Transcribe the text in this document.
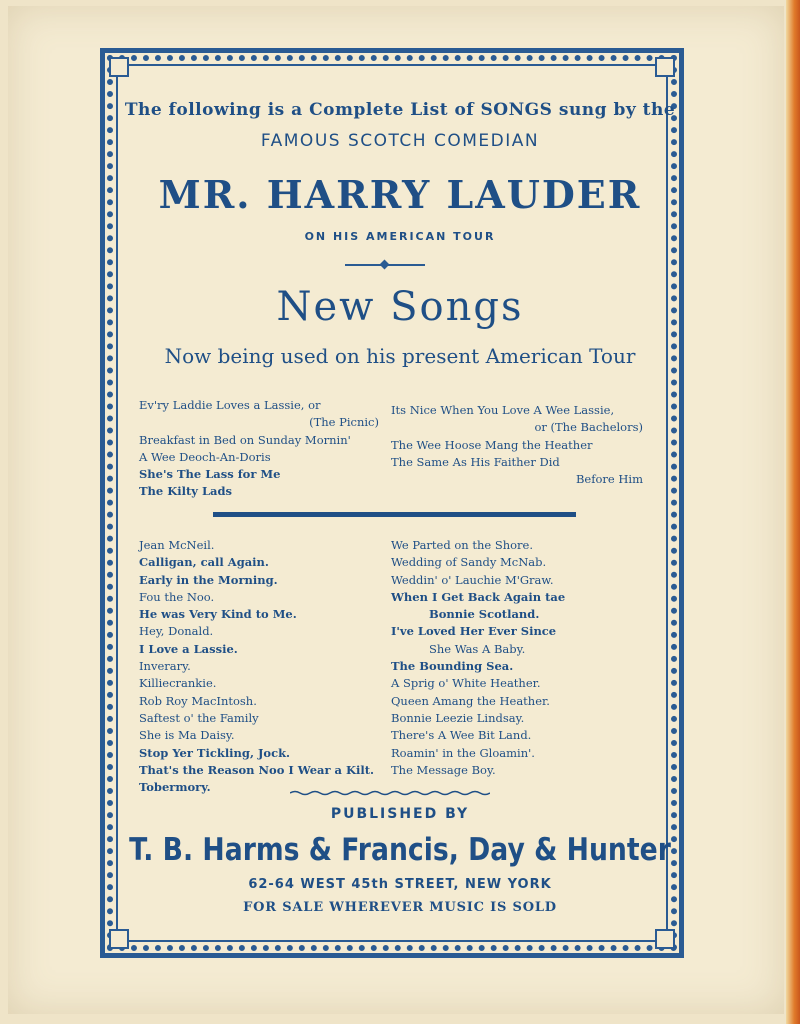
The following is a Complete List of SONGS sung by the
FAMOUS SCOTCH COMEDIAN
MR. HARRY LAUDER
ON HIS AMERICAN TOUR
New Songs
Now being used on his present American Tour
Ev'ry Laddie Loves a Lassie, or
(The Picnic)
Breakfast in Bed on Sunday Mornin'
A Wee Deoch-An-Doris
She's The Lass for Me
The Kilty Lads
Its Nice When You Love A Wee Lassie,
or (The Bachelors)
The Wee Hoose Mang the Heather
The Same As His Faither Did
Before Him
Jean McNeil.
Calligan, call Again.
Early in the Morning.
Fou the Noo.
He was Very Kind to Me.
Hey, Donald.
I Love a Lassie.
Inverary.
Killiecrankie.
Rob Roy MacIntosh.
Saftest o' the Family
She is Ma Daisy.
Stop Yer Tickling, Jock.
That's the Reason Noo I Wear a Kilt.
Tobermory.
We Parted on the Shore.
Wedding of Sandy McNab.
Weddin' o' Lauchie M'Graw.
When I Get Back Again tae
Bonnie Scotland.
I've Loved Her Ever Since
She Was A Baby.
The Bounding Sea.
A Sprig o' White Heather.
Queen Amang the Heather.
Bonnie Leezie Lindsay.
There's A Wee Bit Land.
Roamin' in the Gloamin'.
The Message Boy.
PUBLISHED BY
T. B. Harms & Francis, Day & Hunter
62-64 WEST 45th STREET, NEW YORK
FOR SALE WHEREVER MUSIC IS SOLD
